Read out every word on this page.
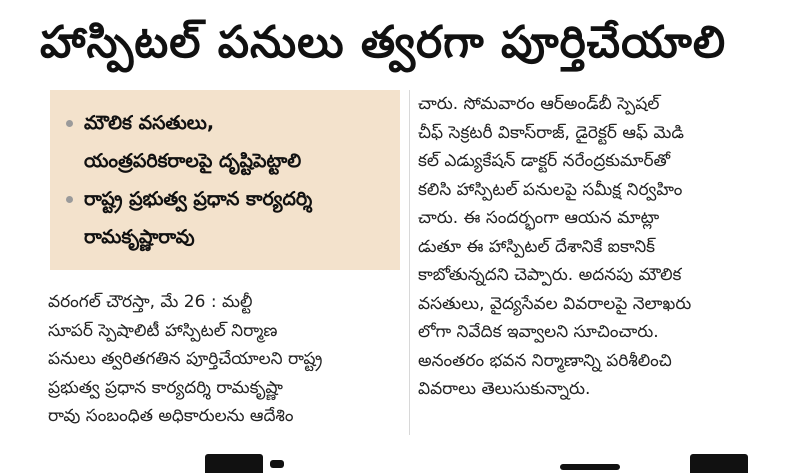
హాస్పిటల్ పనులు త్వరగా పూర్తిచేయాలి
మౌలిక వసతులు,
యంత్రపరికరాలపై దృష్టిపెట్టాలి
రాష్ట్ర ప్రభుత్వ ప్రధాన కార్యదర్శి
రామకృష్ణారావు
వరంగల్ చౌరస్తా, మే 26 : మల్టీ
సూపర్ స్పెషాలిటీ హాస్పిటల్ నిర్మాణ
పనులు త్వరితగతిన పూర్తిచేయాలని రాష్ట్ర
ప్రభుత్వ ప్రధాన కార్యదర్శి రామకృష్ణా
రావు సంబంధిత అధికారులను ఆదేశిం
చారు. సోమవారం ఆర్అండ్‌బీ స్పెషల్
చీఫ్ సెక్రటరీ వికాస్‌రాజ్, డైరెక్టర్ ఆఫ్ మెడి
కల్ ఎడ్యుకేషన్ డాక్టర్ నరేంద్రకుమార్‌తో
కలిసి హాస్పిటల్ పనులపై సమీక్ష నిర్వహిం
చారు. ఈ సందర్భంగా ఆయన మాట్లా
డుతూ ఈ హాస్పిటల్ దేశానికే ఐకానిక్
కాబోతున్నదని చెప్పారు. అదనపు మౌలిక
వసతులు, వైద్యసేవల వివరాలపై నెలాఖరు
లోగా నివేదిక ఇవ్వాలని సూచించారు.
అనంతరం భవన నిర్మాణాన్ని పరిశీలించి
వివరాలు తెలుసుకున్నారు.
